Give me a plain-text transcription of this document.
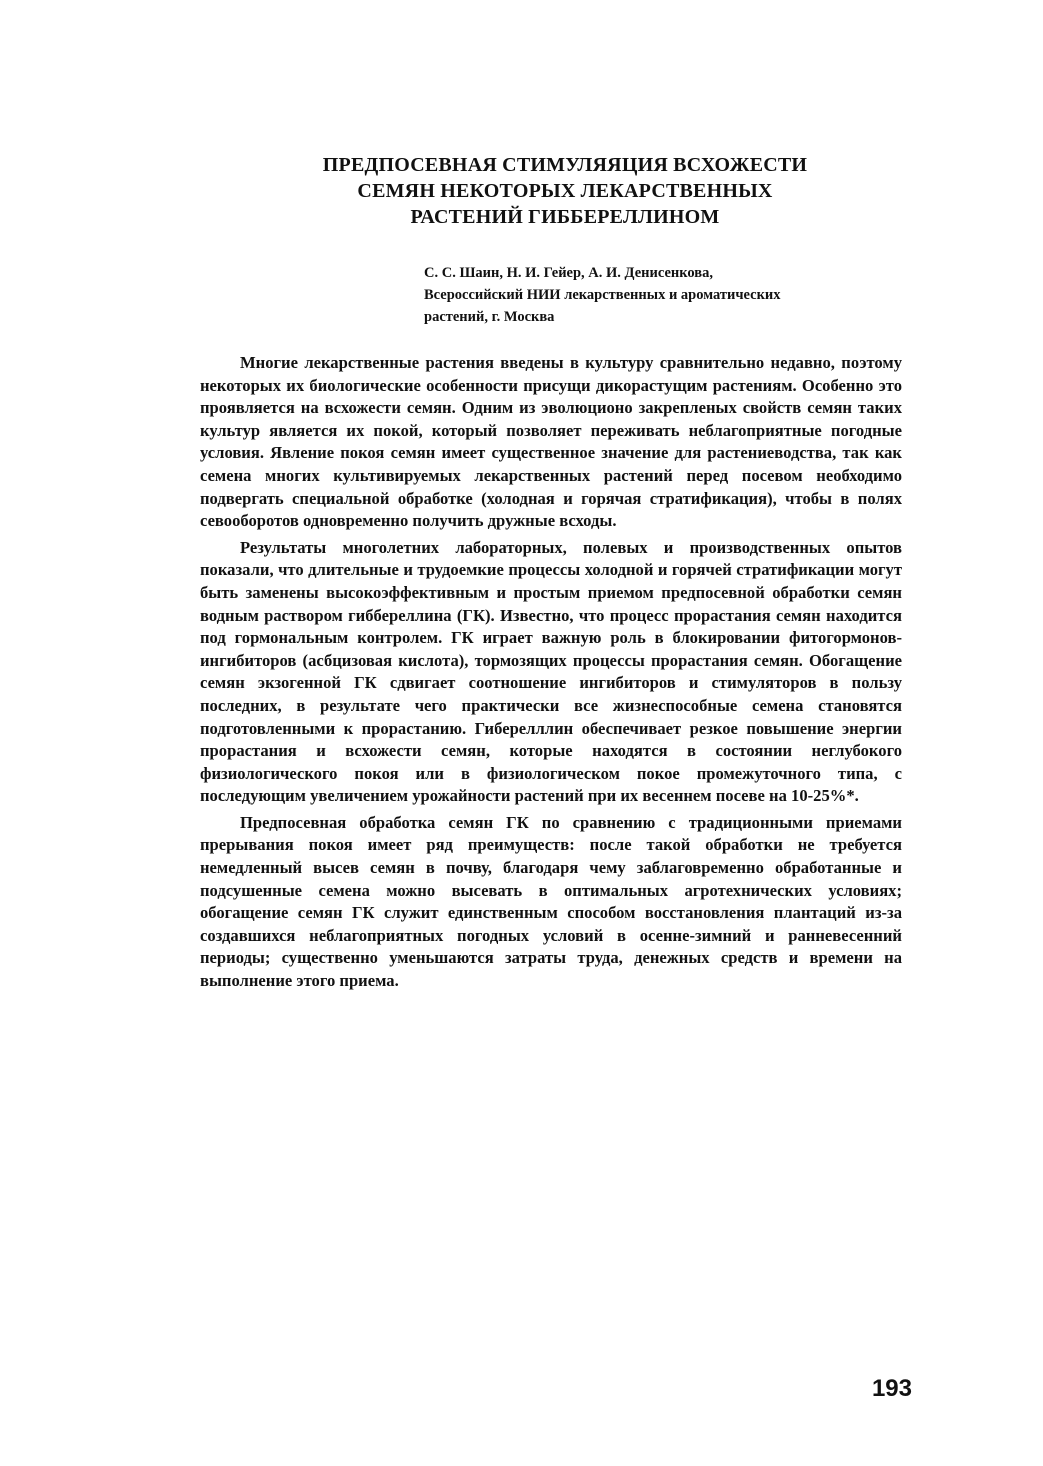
ПРЕДПОСЕВНАЯ СТИМУЛЯЯЦИЯ ВСХОЖЕСТИ
СЕМЯН НЕКОТОРЫХ ЛЕКАРСТВЕННЫХ
РАСТЕНИЙ ГИББЕРЕЛЛИНОМ
С. С. Шаин, Н. И. Гейер, А. И. Денисенкова,
Всероссийский НИИ лекарственных и ароматических
растений, г. Москва

Многие лекарственные растения введены в культуру сравнительно недавно, поэтому некоторых их биологические особенности присущи дикорастущим растениям. Особенно это проявляется на всхожести семян. Одним из эволюционо закрепленых свойств семян таких культур является их покой, который позволяет переживать неблагоприятные погодные условия. Явление покоя семян имеет существенное значение для растениеводства, так как семена многих культивируемых лекарственных растений перед посевом необходимо подвергать специальной обработке (холодная и горячая стратификация), чтобы в полях севооборотов одновременно получить дружные всходы.

Результаты многолетних лабораторных, полевых и производственных опытов показали, что длительные и трудоемкие процессы холодной и горячей стратификации могут быть заменены высокоэффективным и простым приемом предпосевной обработки семян водным раствором гиббереллина (ГК). Известно, что процесс прорастания семян находится под гормональным контролем. ГК играет важную роль в блокировании фитогормонов-ингибиторов (асбцизовая кислота), тормозящих процессы прорастания семян. Обогащение семян экзогенной ГК сдвигает соотношение ингибиторов и стимуляторов в пользу последних, в результате чего практически все жизнеспособные семена становятся подготовленными к прорастанию. Гиберелллин обеспечивает резкое повышение энергии прорастания и всхожести семян, которые находятся в состоянии неглубокого физиологического покоя или в физиологическом покое промежуточного типа, с последующим увеличением урожайности растений при их весеннем посеве на 10-25%*.

Предпосевная обработка семян ГК по сравнению с традиционными приемами прерывания покоя имеет ряд преимуществ: после такой обработки не требуется немедленный высев семян в почву, благодаря чему заблаговременно обработанные и подсушенные семена можно высевать в оптимальных агротехнических условиях; обогащение семян ГК служит единственным способом восстановления плантаций из-за создавшихся неблагоприятных погодных условий в осенне-зимний и ранневесенний периоды; существенно уменьшаются затраты труда, денежных средств и времени на выполнение этого приема.

193
